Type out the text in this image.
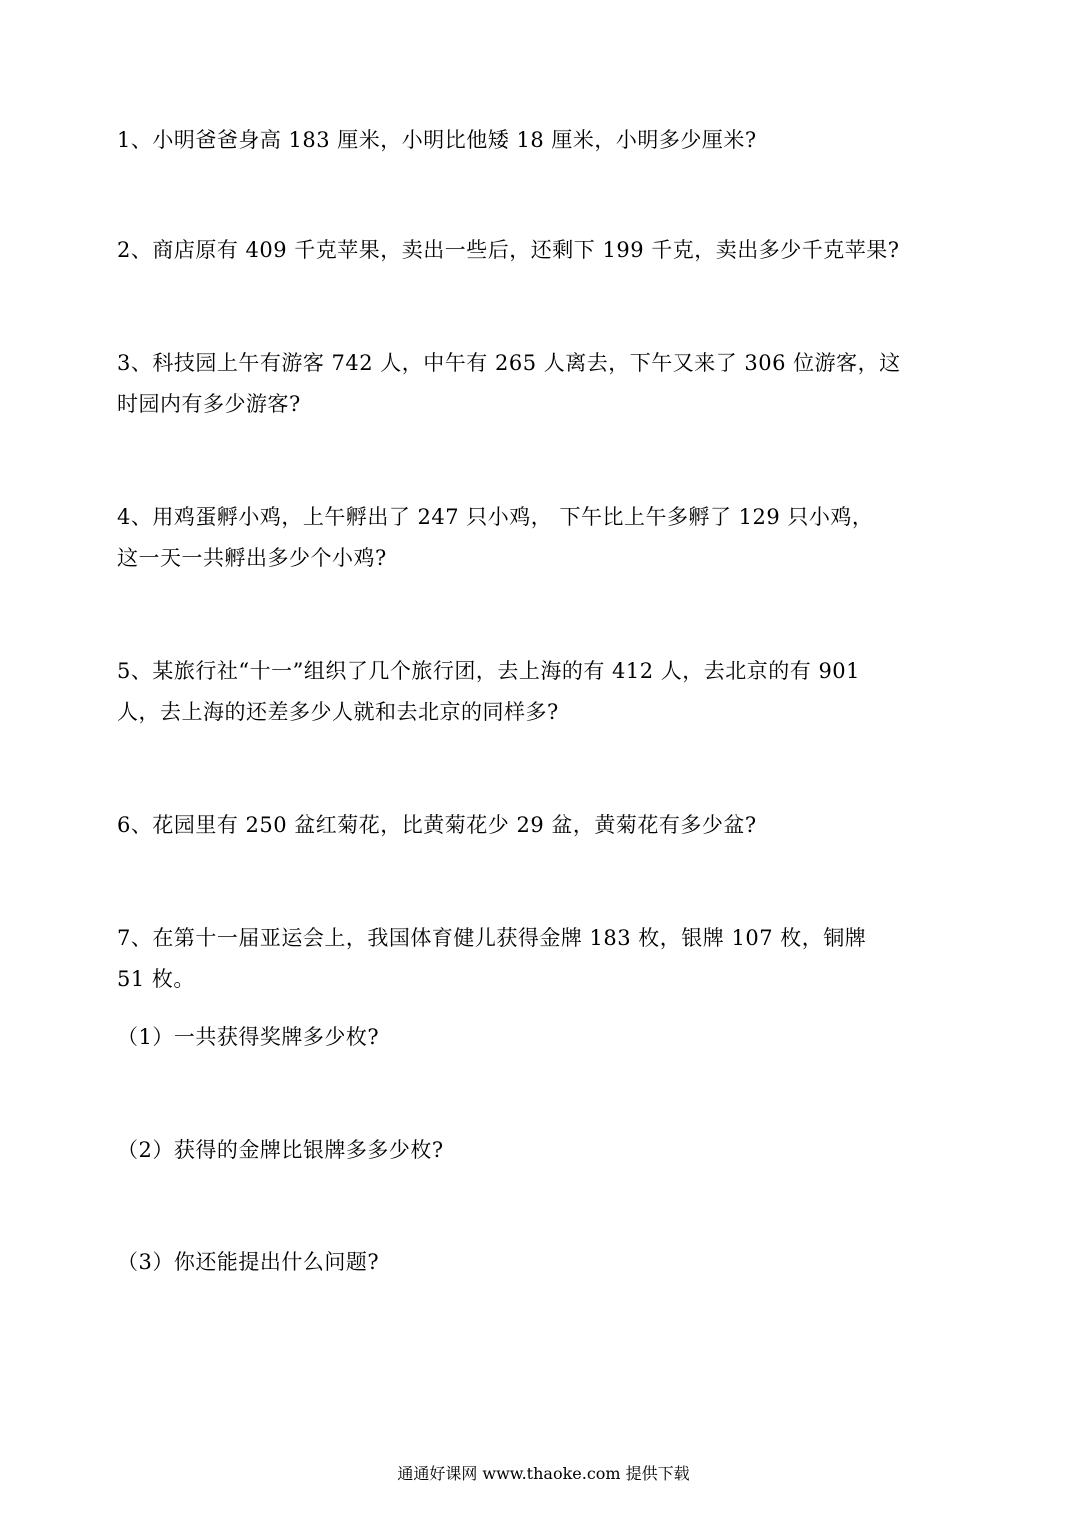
1、小明爸爸身高 183 厘米，小明比他矮 18 厘米，小明多少厘米?
2、商店原有 409 千克苹果，卖出一些后，还剩下 199 千克，卖出多少千克苹果?
3、科技园上午有游客 742 人，中午有 265 人离去，下午又来了 306 位游客，这
时园内有多少游客?
4、用鸡蛋孵小鸡，上午孵出了 247 只小鸡， 下午比上午多孵了 129 只小鸡，
这一天一共孵出多少个小鸡?
5、某旅行社“十一”组织了几个旅行团，去上海的有 412 人，去北京的有 901
人，去上海的还差多少人就和去北京的同样多?
6、花园里有 250 盆红菊花，比黄菊花少 29 盆，黄菊花有多少盆?
7、在第十一届亚运会上，我国体育健儿获得金牌 183 枚，银牌 107 枚，铜牌
51 枚。
（1）一共获得奖牌多少枚?
（2）获得的金牌比银牌多多少枚?
（3）你还能提出什么问题?
通通好课网 www.thaoke.com 提供下载
